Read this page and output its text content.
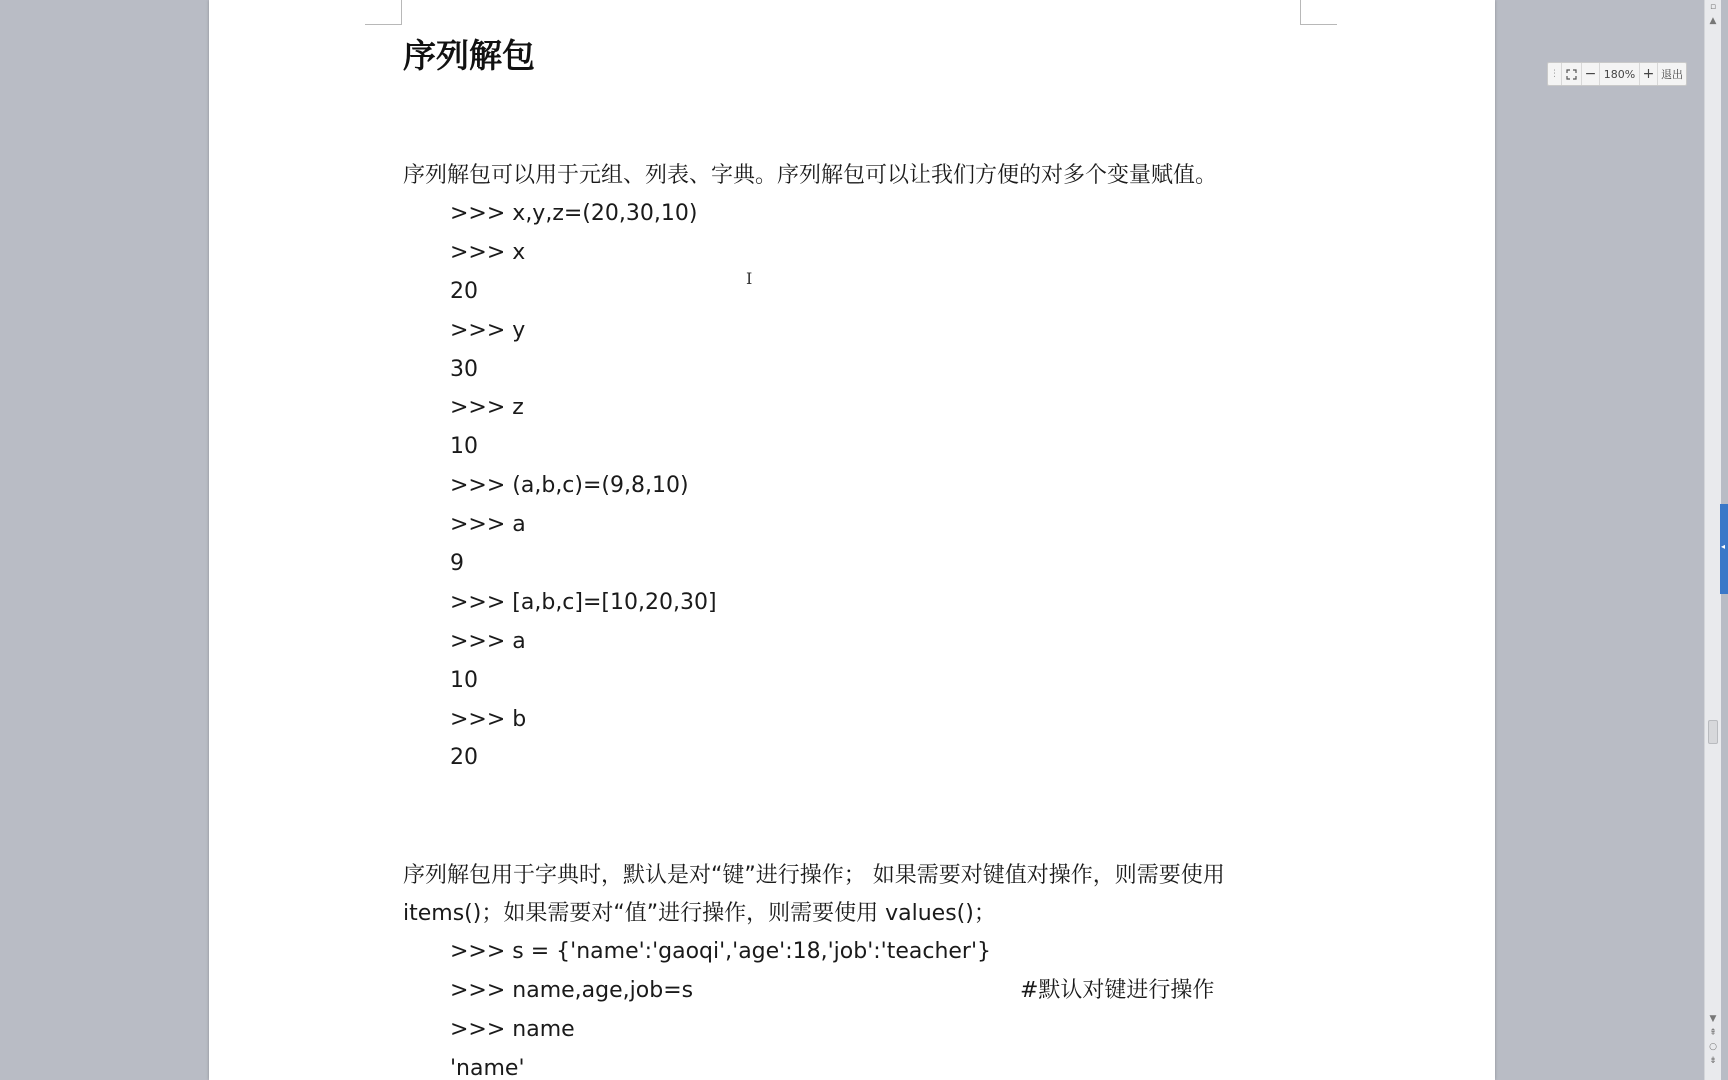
序列解包

序列解包可以用于元组、列表、字典。序列解包可以让我们方便的对多个变量赋值。

>>> x,y,z=(20,30,10)
>>> x
20
>>> y
30
>>> z
10
>>> (a,b,c)=(9,8,10)
>>> a
9
>>> [a,b,c]=[10,20,30]
>>> a
10
>>> b
20

序列解包用于字典时，默认是对“键”进行操作； 如果需要对键值对操作，则需要使用

items()；如果需要对“值”进行操作，则需要使用 values()；

>>> s = {'name':'gaoqi','age':18,'job':'teacher'}
>>> name,age,job=s	#默认对键进行操作
>>> name
'name'
I
⋮ − 180% + 退出
▫
▲
▼
⇞
○
⇟
◂
